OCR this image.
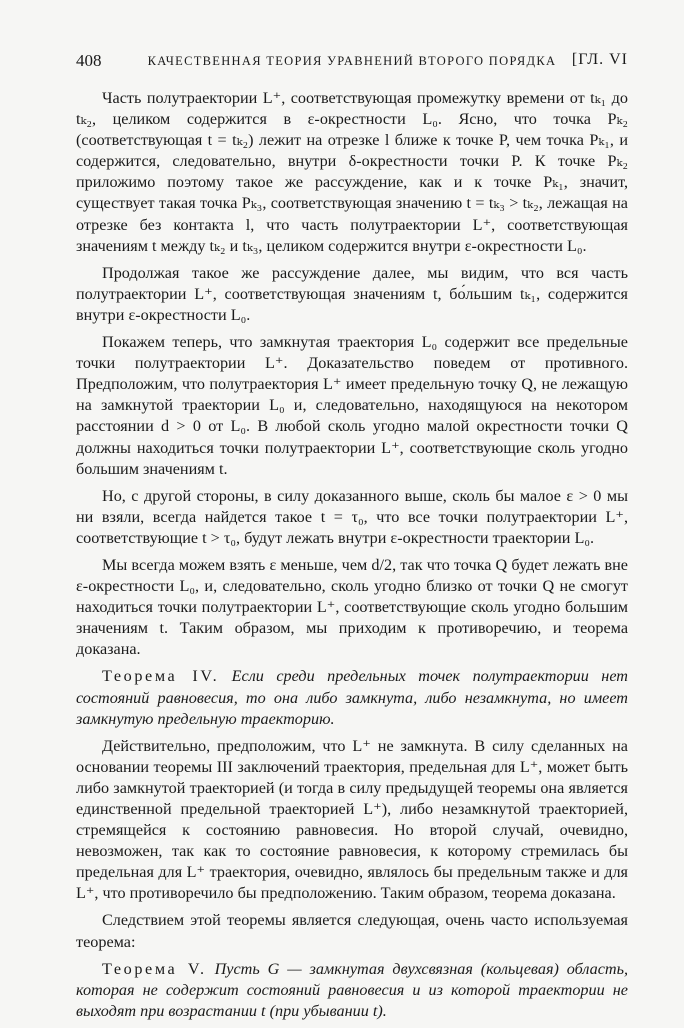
408	КАЧЕСТВЕННАЯ ТЕОРИЯ УРАВНЕНИЙ ВТОРОГО ПОРЯДКА [ГЛ. VI

Часть полутраектории L⁺, соответствующая промежутку времени от tₖ₁ до tₖ₂, целиком содержится в ε-окрестности L₀. Ясно, что точка Pₖ₂ (соответствующая t = tₖ₂) лежит на отрезке l ближе к точке P, чем точка Pₖ₁, и содержится, следовательно, внутри δ-окрестности точки P. К точке Pₖ₂ приложимо поэтому такое же рассуждение, как и к точке Pₖ₁, значит, существует такая точка Pₖ₃, соответствующая значению t = tₖ₃ > tₖ₂, лежащая на отрезке без контакта l, что часть полутраектории L⁺, соответствующая значениям t между tₖ₂ и tₖ₃, целиком содержится внутри ε-окрестности L₀.

Продолжая такое же рассуждение далее, мы видим, что вся часть полутраектории L⁺, соответствующая значениям t, бо́льшим tₖ₁, содержится внутри ε-окрестности L₀.

Покажем теперь, что замкнутая траектория L₀ содержит все предельные точки полутраектории L⁺. Доказательство поведем от противного. Предположим, что полутраектория L⁺ имеет предельную точку Q, не лежащую на замкнутой траектории L₀ и, следовательно, находящуюся на некотором расстоянии d > 0 от L₀. В любой сколь угодно малой окрестности точки Q должны находиться точки полутраектории L⁺, соответствующие сколь угодно большим значениям t.

Но, с другой стороны, в силу доказанного выше, сколь бы малое ε > 0 мы ни взяли, всегда найдется такое t = τ₀, что все точки полутраектории L⁺, соответствующие t > τ₀, будут лежать внутри ε-окрестности траектории L₀.

Мы всегда можем взять ε меньше, чем d/2, так что точка Q будет лежать вне ε-окрестности L₀, и, следовательно, сколь угодно близко от точки Q не смогут находиться точки полутраектории L⁺, соответствующие сколь угодно большим значениям t. Таким образом, мы приходим к противоречию, и теорема доказана.

Теорема IV. Если среди предельных точек полутраектории нет состояний равновесия, то она либо замкнута, либо незамкнута, но имеет замкнутую предельную траекторию.

Действительно, предположим, что L⁺ не замкнута. В силу сделанных на основании теоремы III заключений траектория, предельная для L⁺, может быть либо замкнутой траекторией (и тогда в силу предыдущей теоремы она является единственной предельной траекторией L⁺), либо незамкнутой траекторией, стремящейся к состоянию равновесия. Но второй случай, очевидно, невозможен, так как то состояние равновесия, к которому стремилась бы предельная для L⁺ траектория, очевидно, являлось бы предельным также и для L⁺, что противоречило бы предположению. Таким образом, теорема доказана.

Следствием этой теоремы является следующая, очень часто используемая теорема:

Теорема V. Пусть G — замкнутая двухсвязная (кольцевая) область, которая не содержит состояний равновесия и из которой траектории не выходят при возрастании t (при убывании t).
